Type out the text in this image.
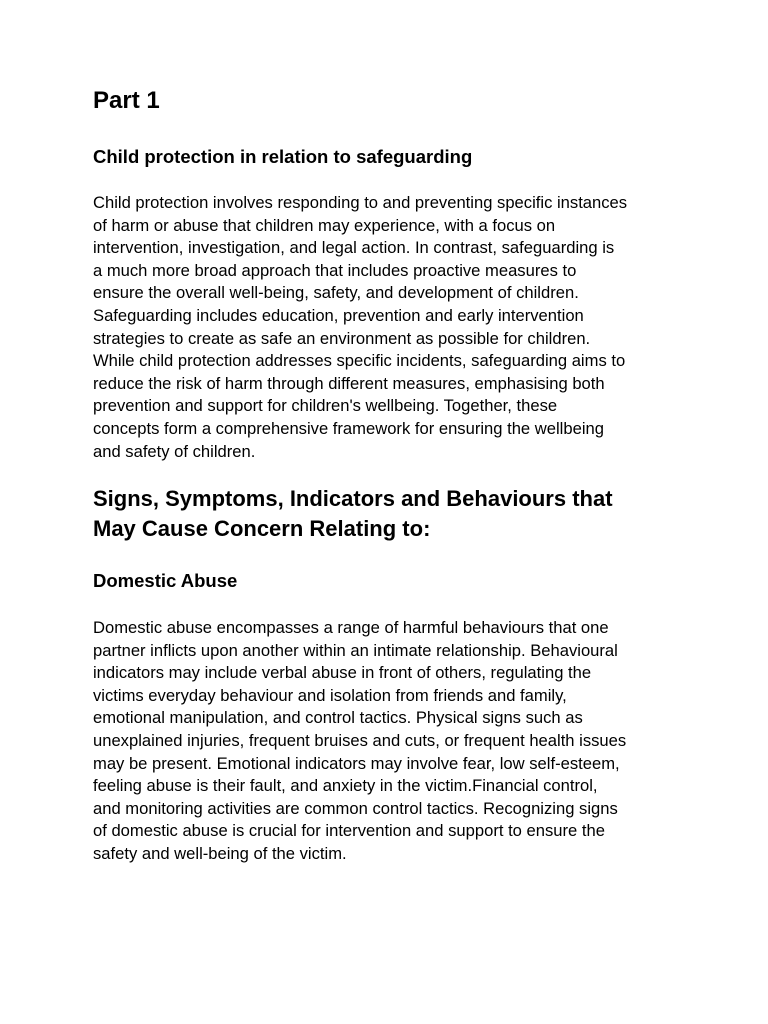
Part 1
Child protection in relation to safeguarding

Child protection involves responding to and preventing specific instances
of harm or abuse that children may experience, with a focus on
intervention, investigation, and legal action. In contrast, safeguarding is
a much more broad approach that includes proactive measures to
ensure the overall well-being, safety, and development of children.
Safeguarding includes education, prevention and early intervention
strategies to create as safe an environment as possible for children.
While child protection addresses specific incidents, safeguarding aims to
reduce the risk of harm through different measures, emphasising both
prevention and support for children's wellbeing. Together, these
concepts form a comprehensive framework for ensuring the wellbeing
and safety of children.

Signs, Symptoms, Indicators and Behaviours that
May Cause Concern Relating to:
Domestic Abuse

Domestic abuse encompasses a range of harmful behaviours that one
partner inflicts upon another within an intimate relationship. Behavioural
indicators may include verbal abuse in front of others, regulating the
victims everyday behaviour and isolation from friends and family,
emotional manipulation, and control tactics. Physical signs such as
unexplained injuries, frequent bruises and cuts, or frequent health issues
may be present. Emotional indicators may involve fear, low self-esteem,
feeling abuse is their fault, and anxiety in the victim.Financial control,
and monitoring activities are common control tactics. Recognizing signs
of domestic abuse is crucial for intervention and support to ensure the
safety and well-being of the victim.
